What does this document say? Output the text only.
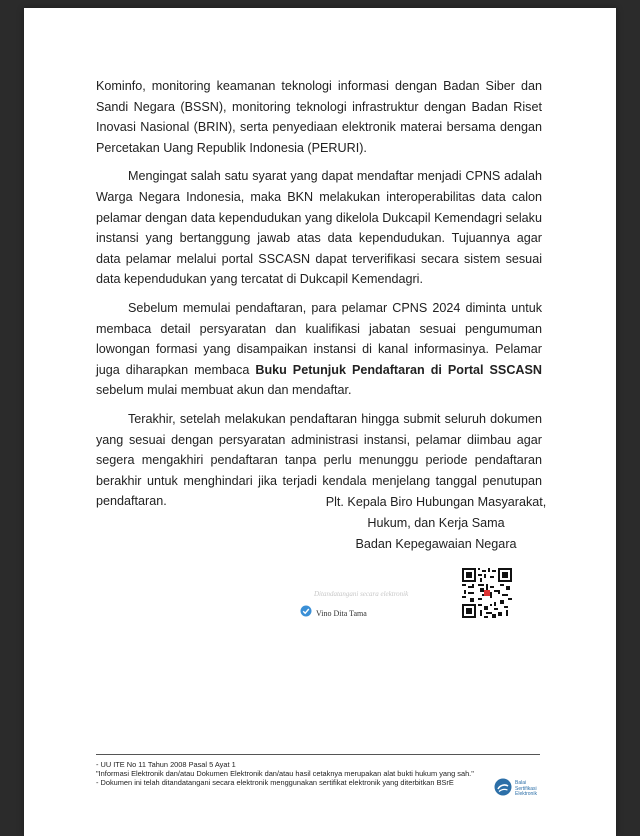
Kominfo, monitoring keamanan teknologi informasi dengan Badan Siber dan Sandi Negara (BSSN), monitoring teknologi infrastruktur dengan Badan Riset Inovasi Nasional (BRIN), serta penyediaan elektronik materai bersama dengan Percetakan Uang Republik Indonesia (PERURI).

Mengingat salah satu syarat yang dapat mendaftar menjadi CPNS adalah Warga Negara Indonesia, maka BKN melakukan interoperabilitas data calon pelamar dengan data kependudukan yang dikelola Dukcapil Kemendagri selaku instansi yang bertanggung jawab atas data kependudukan. Tujuannya agar data pelamar melalui portal SSCASN dapat terverifikasi secara sistem sesuai data kependudukan yang tercatat di Dukcapil Kemendagri.

Sebelum memulai pendaftaran, para pelamar CPNS 2024 diminta untuk membaca detail persyaratan dan kualifikasi jabatan sesuai pengumuman lowongan formasi yang disampaikan instansi di kanal informasinya. Pelamar juga diharapkan membaca Buku Petunjuk Pendaftaran di Portal SSCASN sebelum mulai membuat akun dan mendaftar.

Terakhir, setelah melakukan pendaftaran hingga submit seluruh dokumen yang sesuai dengan persyaratan administrasi instansi, pelamar diimbau agar segera mengakhiri pendaftaran tanpa perlu menunggu periode pendaftaran berakhir untuk menghindari jika terjadi kendala menjelang tanggal penutupan pendaftaran.	Plt. Kepala Biro Hubungan Masyarakat,
Hukum, dan Kerja Sama
Badan Kepegawaian Negara
Ditandatangani secara elektronik
Vino Dita Tama
- UU ITE No 11 Tahun 2008 Pasal 5 Ayat 1
"Informasi Elektronik dan/atau Dokumen Elektronik dan/atau hasil cetaknya merupakan alat bukti hukum yang sah."
- Dokumen ini telah ditandatangani secara elektronik menggunakan sertifikat elektronik yang diterbitkan BSrE	Balai
Sertifikasi
Elektronik
